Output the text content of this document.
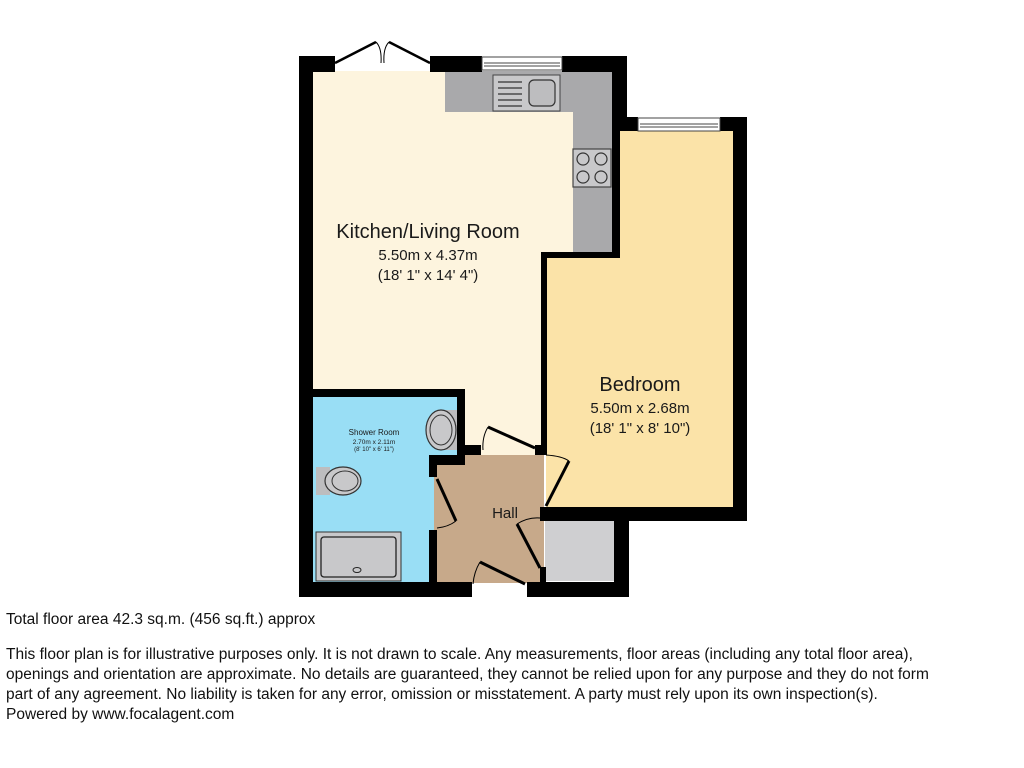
Kitchen/Living Room
5.50m x 4.37m
(18' 1" x 14' 4")
Bedroom
5.50m x 2.68m
(18' 1" x 8' 10")
Shower Room
2.70m x 2.11m
(8' 10" x 6' 11")
Hall
Total floor area 42.3 sq.m. (456 sq.ft.) approx
This floor plan is for illustrative purposes only. It is not drawn to scale. Any measurements, floor areas (including any total floor area),
openings and orientation are approximate. No details are guaranteed, they cannot be relied upon for any purpose and they do not form
part of any agreement. No liability is taken for any error, omission or misstatement. A party must rely upon its own inspection(s).
Powered by www.focalagent.com
